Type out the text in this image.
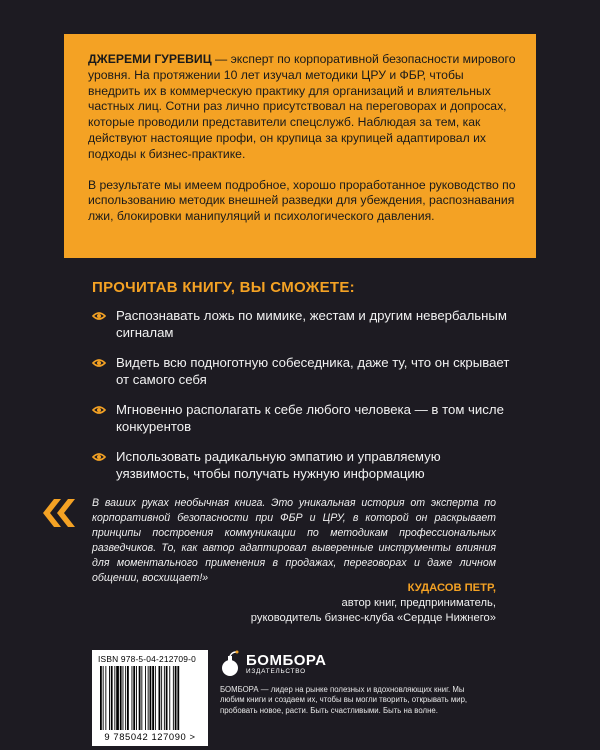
ДЖЕРЕМИ ГУРЕВИЦ — эксперт по корпоративной безопасности мирового уровня. На протяжении 10 лет изучал методики ЦРУ и ФБР, чтобы внедрить их в коммерческую практику для организаций и влиятельных частных лиц. Сотни раз лично присутствовал на переговорах и допросах, которые проводили представители спецслужб. Наблюдая за тем, как действуют настоящие профи, он крупица за крупицей адаптировал их подходы к бизнес-практике.

В результате мы имеем подробное, хорошо проработанное руководство по использованию методик внешней разведки для убеждения, распознавания лжи, блокировки манипуляций и психологического давления.

ПРОЧИТАВ КНИГУ, ВЫ СМОЖЕТЕ:
Распознавать ложь по мимике, жестам и другим невербальным сигналам
Видеть всю подноготную собеседника, даже ту, что он скрывает от самого себя
Мгновенно располагать к себе любого человека — в том числе конкурентов
Использовать радикальную эмпатию и управляемую уязвимость, чтобы получать нужную информацию
В ваших руках необычная книга. Это уникальная история от эксперта по корпоративной безопасности при ФБР и ЦРУ, в которой он раскрывает принципы построения коммуникации по методикам профессиональных разведчиков. То, как автор адаптировал выверенные инструменты влияния для моментального применения в продажах, переговорах и даже личном общении, восхищает!»
КУДАСОВ ПЕТР,
автор книг, предприниматель,
руководитель бизнес-клуба «Сердце Нижнего»
ISBN 978-5-04-212709-0
9 785042 127090 >
БОМБОРА
ИЗДАТЕЛЬСТВО
БОМБОРА — лидер на рынке полезных и вдохновляющих книг. Мы любим книги и создаем их, чтобы вы могли творить, открывать мир, пробовать новое, расти. Быть счастливыми. Быть на волне.
